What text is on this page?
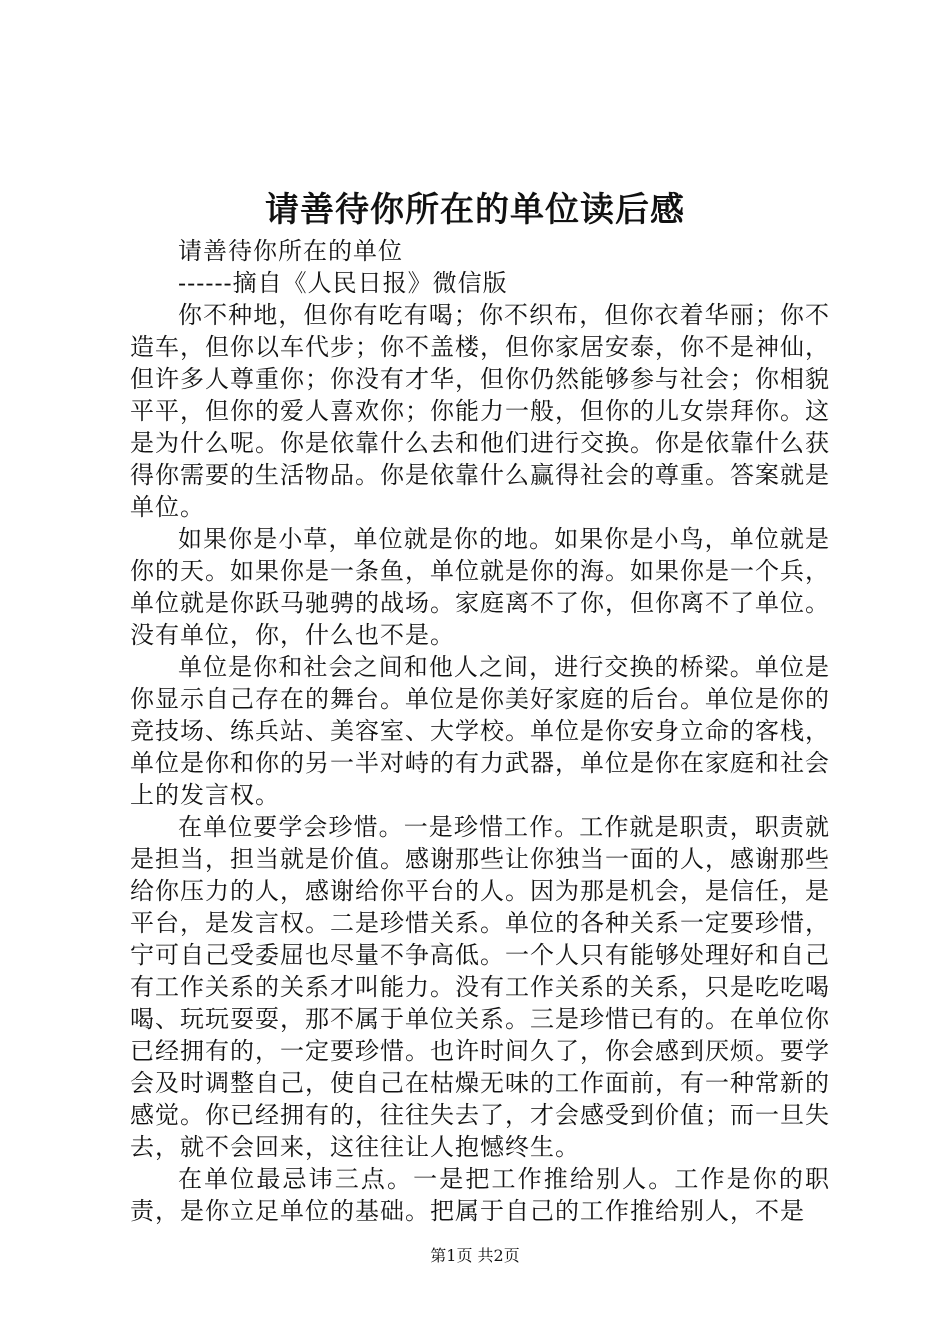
请善待你所在的单位读后感

请善待你所在的单位

------摘自《人民日报》微信版

你不种地，但你有吃有喝；你不织布，但你衣着华丽；你不造车，但你以车代步；你不盖楼，但你家居安泰，你不是神仙，但许多人尊重你；你没有才华，但你仍然能够参与社会；你相貌平平，但你的爱人喜欢你；你能力一般，但你的儿女崇拜你。这是为什么呢。你是依靠什么去和他们进行交换。你是依靠什么获得你需要的生活物品。你是依靠什么赢得社会的尊重。答案就是单位。

如果你是小草，单位就是你的地。如果你是小鸟，单位就是你的天。如果你是一条鱼，单位就是你的海。如果你是一个兵，单位就是你跃马驰骋的战场。家庭离不了你，但你离不了单位。没有单位，你，什么也不是。

单位是你和社会之间和他人之间，进行交换的桥梁。单位是你显示自己存在的舞台。单位是你美好家庭的后台。单位是你的竞技场、练兵站、美容室、大学校。单位是你安身立命的客栈，单位是你和你的另一半对峙的有力武器，单位是你在家庭和社会上的发言权。

在单位要学会珍惜。一是珍惜工作。工作就是职责，职责就是担当，担当就是价值。感谢那些让你独当一面的人，感谢那些给你压力的人，感谢给你平台的人。因为那是机会，是信任，是平台，是发言权。二是珍惜关系。单位的各种关系一定要珍惜，宁可自己受委屈也尽量不争高低。一个人只有能够处理好和自己有工作关系的关系才叫能力。没有工作关系的关系，只是吃吃喝喝、玩玩耍耍，那不属于单位关系。三是珍惜已有的。在单位你已经拥有的，一定要珍惜。也许时间久了，你会感到厌烦。要学会及时调整自己，使自己在枯燥无味的工作面前，有一种常新的感觉。你已经拥有的，往往失去了，才会感受到价值；而一旦失去，就不会回来，这往往让人抱憾终生。

在单位最忌讳三点。一是把工作推给别人。工作是你的职责，是你立足单位的基础。把属于自己的工作推给别人，不是

第1页 共2页
